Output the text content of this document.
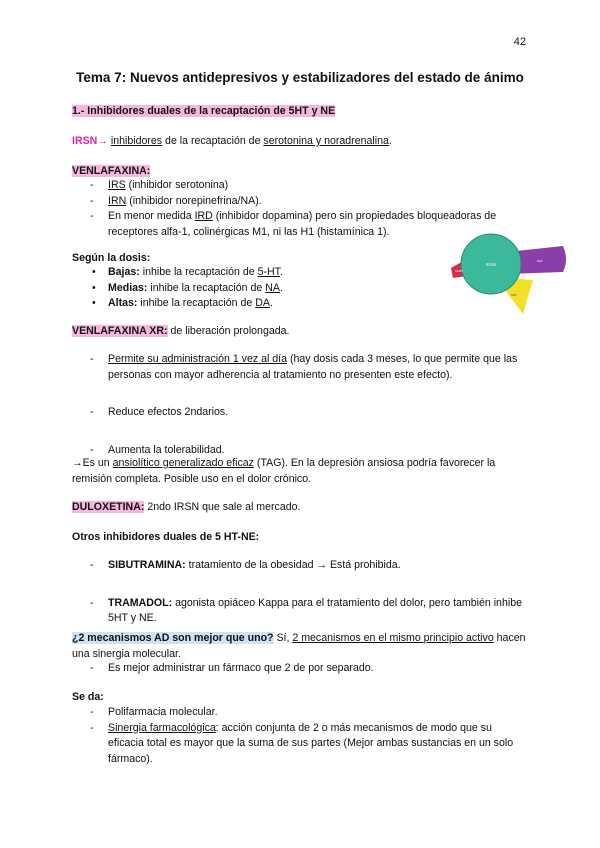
42
Tema 7: Nuevos antidepresivos y estabilizadores del estado de ánimo
1.- Inhibidores duales de la recaptación de 5HT y NE
IRSN→ inhibidores de la recaptación de serotonina y noradrenalina.
VENLAFAXINA:
- IRS (inhibidor serotonina)
- IRN (inhibidor norepinefrina/NA).
- En menor medida IRD (inhibidor dopamina) pero sin propiedades bloqueadoras de receptores alfa-1, colinérgicas M1, ni las H1 (histamínica 1).
Según la dosis:
• Bajas: inhibe la recaptación de 5-HT.
• Medias: inhibe la recaptación de NA.
• Altas: inhibe la recaptación de DA.
IRSN
SERT
NAT
DAT
VENLAFAXINA XR: de liberación prolongada.
- Permite su administración 1 vez al día (hay dosis cada 3 meses, lo que permite que las personas con mayor adherencia al tratamiento no presenten este efecto).
- Reduce efectos 2ndarios.
- Aumenta la tolerabilidad.
→Es un ansiolítico generalizado eficaz (TAG). En la depresión ansiosa podría favorecer la remisión completa. Posible uso en el dolor crónico.
DULOXETINA: 2ndo IRSN que sale al mercado.
Otros inhibidores duales de 5 HT-NE:
- SIBUTRAMINA: tratamiento de la obesidad → Está prohibida.
- TRAMADOL: agonista opiáceo Kappa para el tratamiento del dolor, pero también inhibe 5HT y NE.
¿2 mecanismos AD son mejor que uno? Sí, 2 mecanismos en el mismo principio activo hacen una sinergia molecular.
- Es mejor administrar un fármaco que 2 de por separado.
Se da:
- Polifarmacia molecular.
- Sinergia farmacológica: acción conjunta de 2 o más mecanismos de modo que su eficacia total es mayor que la suma de sus partes (Mejor ambas sustancias en un solo fármaco).
